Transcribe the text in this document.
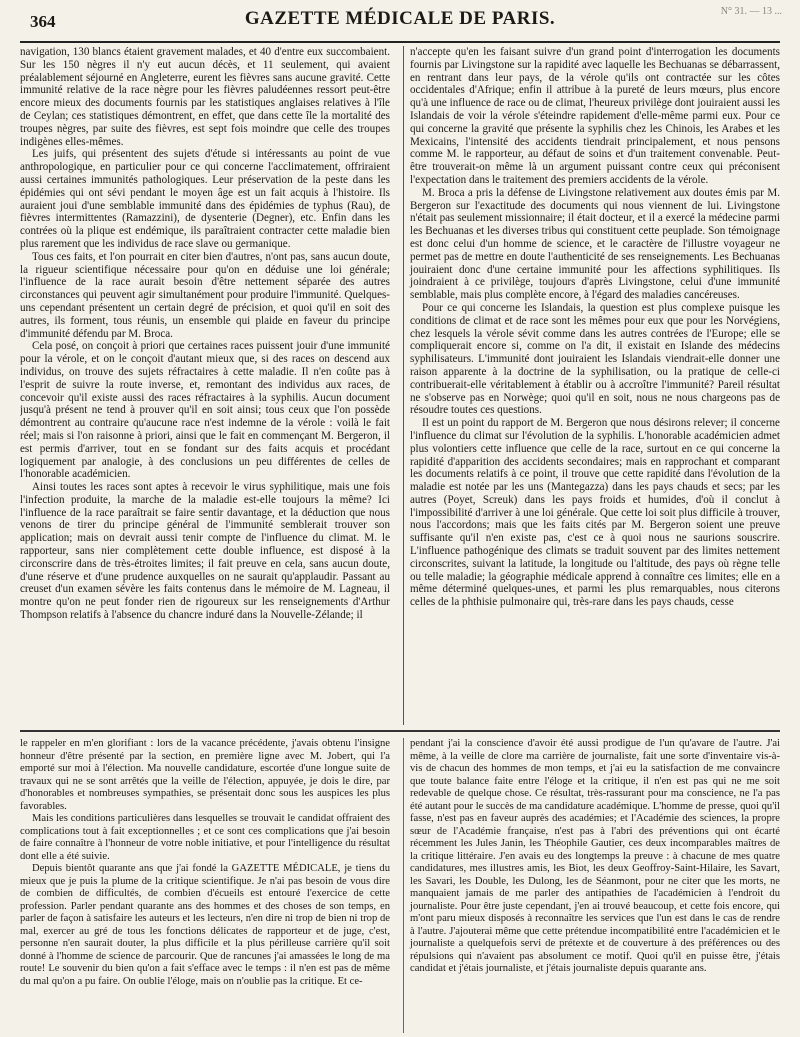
364	GAZETTE MÉDICALE DE PARIS.	N° 31. — 13 ...

navigation, 130 blancs étaient gravement malades, et 40 d'entre eux succombaient. Sur les 150 nègres il n'y eut aucun décès, et 11 seulement, qui avaient préalablement séjourné en Angleterre, eurent les fièvres sans aucune gravité. Cette immunité relative de la race nègre pour les fièvres paludéennes ressort peut-être encore mieux des documents fournis par les statistiques anglaises relatives à l'île de Ceylan; ces statistiques démontrent, en effet, que dans cette île la mortalité des troupes nègres, par suite des fièvres, est sept fois moindre que celle des troupes indigènes elles-mêmes.

Les juifs, qui présentent des sujets d'étude si intéressants au point de vue anthropologique, en particulier pour ce qui concerne l'acclimatement, offriraient aussi certaines immunités pathologiques. Leur préservation de la peste dans les épidémies qui ont sévi pendant le moyen âge est un fait acquis à l'histoire. Ils auraient joui d'une semblable immunité dans des épidémies de typhus (Rau), de fièvres intermittentes (Ramazzini), de dysenterie (Degner), etc. Enfin dans les contrées où la plique est endémique, ils paraîtraient contracter cette maladie bien plus rarement que les individus de race slave ou germanique.

Tous ces faits, et l'on pourrait en citer bien d'autres, n'ont pas, sans aucun doute, la rigueur scientifique nécessaire pour qu'on en déduise une loi générale; l'influence de la race aurait besoin d'être nettement séparée des autres circonstances qui peuvent agir simultanément pour produire l'immunité. Quelques-uns cependant présentent un certain degré de précision, et quoi qu'il en soit des autres, ils forment, tous réunis, un ensemble qui plaide en faveur du principe d'immunité défendu par M. Broca.

Cela posé, on conçoit à priori que certaines races puissent jouir d'une immunité pour la vérole, et on le conçoit d'autant mieux que, si des races on descend aux individus, on trouve des sujets réfractaires à cette maladie. Il n'en coûte pas à l'esprit de suivre la route inverse, et, remontant des individus aux races, de concevoir qu'il existe aussi des races réfractaires à la syphilis. Aucun document jusqu'à présent ne tend à prouver qu'il en soit ainsi; tous ceux que l'on possède démontrent au contraire qu'aucune race n'est indemne de la vérole : voilà le fait réel; mais si l'on raisonne à priori, ainsi que le fait en commençant M. Bergeron, il est permis d'arriver, tout en se fondant sur des faits acquis et procédant logiquement par analogie, à des conclusions un peu différentes de celles de l'honorable académicien.

Ainsi toutes les races sont aptes à recevoir le virus syphilitique, mais une fois l'infection produite, la marche de la maladie est-elle toujours la même? Ici l'influence de la race paraîtrait se faire sentir davantage, et la déduction que nous venons de tirer du principe général de l'immunité semblerait trouver son application; mais on devrait aussi tenir compte de l'influence du climat. M. le rapporteur, sans nier complètement cette double influence, est disposé à la circonscrire dans de très-étroites limites; il fait preuve en cela, sans aucun doute, d'une réserve et d'une prudence auxquelles on ne saurait qu'applaudir. Passant au creuset d'un examen sévère les faits contenus dans le mémoire de M. Lagneau, il montre qu'on ne peut fonder rien de rigoureux sur les renseignements d'Arthur Thompson relatifs à l'absence du chancre induré dans la Nouvelle-Zélande; il

n'accepte qu'en les faisant suivre d'un grand point d'interrogation les documents fournis par Livingstone sur la rapidité avec laquelle les Bechuanas se débarrassent, en rentrant dans leur pays, de la vérole qu'ils ont contractée sur les côtes occidentales d'Afrique; enfin il attribue à la pureté de leurs mœurs, plus encore qu'à une influence de race ou de climat, l'heureux privilège dont jouiraient aussi les Islandais de voir la vérole s'éteindre rapidement d'elle-même parmi eux. Pour ce qui concerne la gravité que présente la syphilis chez les Chinois, les Arabes et les Mexicains, l'intensité des accidents tiendrait principalement, et nous pensons comme M. le rapporteur, au défaut de soins et d'un traitement convenable. Peut-être trouverait-on même là un argument puissant contre ceux qui préconisent l'expectation dans le traitement des premiers accidents de la vérole.

M. Broca a pris la défense de Livingstone relativement aux doutes émis par M. Bergeron sur l'exactitude des documents qui nous viennent de lui. Livingstone n'était pas seulement missionnaire; il était docteur, et il a exercé la médecine parmi les Bechuanas et les diverses tribus qui constituent cette peuplade. Son témoignage est donc celui d'un homme de science, et le caractère de l'illustre voyageur ne permet pas de mettre en doute l'authenticité de ses renseignements. Les Bechuanas jouiraient donc d'une certaine immunité pour les affections syphilitiques. Ils joindraient à ce privilège, toujours d'après Livingstone, celui d'une immunité semblable, mais plus complète encore, à l'égard des maladies cancéreuses.

Pour ce qui concerne les Islandais, la question est plus complexe puisque les conditions de climat et de race sont les mêmes pour eux que pour les Norvégiens, chez lesquels la vérole sévit comme dans les autres contrées de l'Europe; elle se compliquerait encore si, comme on l'a dit, il existait en Islande des médecins syphilisateurs. L'immunité dont jouiraient les Islandais viendrait-elle donner une raison apparente à la doctrine de la syphilisation, ou la pratique de celle-ci contribuerait-elle véritablement à établir ou à accroître l'immunité? Pareil résultat ne s'observe pas en Norwège; quoi qu'il en soit, nous ne nous chargeons pas de résoudre toutes ces questions.

Il est un point du rapport de M. Bergeron que nous désirons relever; il concerne l'influence du climat sur l'évolution de la syphilis. L'honorable académicien admet plus volontiers cette influence que celle de la race, surtout en ce qui concerne la rapidité d'apparition des accidents secondaires; mais en rapprochant et comparant les documents relatifs à ce point, il trouve que cette rapidité dans l'évolution de la maladie est notée par les uns (Mantegazza) dans les pays chauds et secs; par les autres (Poyet, Screuk) dans les pays froids et humides, d'où il conclut à l'impossibilité d'arriver à une loi générale. Que cette loi soit plus difficile à trouver, nous l'accordons; mais que les faits cités par M. Bergeron soient une preuve suffisante qu'il n'en existe pas, c'est ce à quoi nous ne saurions souscrire. L'influence pathogénique des climats se traduit souvent par des limites nettement circonscrites, suivant la latitude, la longitude ou l'altitude, des pays où règne telle ou telle maladie; la géographie médicale apprend à connaître ces limites; elle en a même déterminé quelques-unes, et parmi les plus remarquables, nous citerons celles de la phthisie pulmonaire qui, très-rare dans les pays chauds, cesse

le rappeler en m'en glorifiant : lors de la vacance précédente, j'avais obtenu l'insigne honneur d'être présenté par la section, en première ligne avec M. Jobert, qui l'a emporté sur moi à l'élection. Ma nouvelle candidature, escortée d'une longue suite de travaux qui ne se sont arrêtés que la veille de l'élection, appuyée, je dois le dire, par d'honorables et nombreuses sympathies, se présentait donc sous les auspices les plus favorables.

Mais les conditions particulières dans lesquelles se trouvait le candidat offraient des complications tout à fait exceptionnelles ; et ce sont ces complications que j'ai besoin de faire connaître à l'honneur de votre noble initiative, et pour l'intelligence du résultat dont elle a été suivie.

Depuis bientôt quarante ans que j'ai fondé la GAZETTE MÉDICALE, je tiens du mieux que je puis la plume de la critique scientifique. Je n'ai pas besoin de vous dire de combien de difficultés, de combien d'écueils est entouré l'exercice de cette profession. Parler pendant quarante ans des hommes et des choses de son temps, en parler de façon à satisfaire les auteurs et les lecteurs, n'en dire ni trop de bien ni trop de mal, exercer au gré de tous les fonctions délicates de rapporteur et de juge, c'est, personne n'en saurait douter, la plus difficile et la plus périlleuse carrière qu'il soit donné à l'homme de science de parcourir. Que de rancunes j'ai amassées le long de ma route! Le souvenir du bien qu'on a fait s'efface avec le temps : il n'en est pas de même du mal qu'on a pu faire. On oublie l'éloge, mais on n'oublie pas la critique. Et ce-

pendant j'ai la conscience d'avoir été aussi prodigue de l'un qu'avare de l'autre. J'ai même, à la veille de clore ma carrière de journaliste, fait une sorte d'inventaire vis-à-vis de chacun des hommes de mon temps, et j'ai eu la satisfaction de me convaincre que toute balance faite entre l'éloge et la critique, il n'en est pas qui ne me soit redevable de quelque chose. Ce résultat, très-rassurant pour ma conscience, ne l'a pas été autant pour le succès de ma candidature académique. L'homme de presse, quoi qu'il fasse, n'est pas en faveur auprès des académies; et l'Académie des sciences, la propre sœur de l'Académie française, n'est pas à l'abri des préventions qui ont écarté récemment les Jules Janin, les Théophile Gautier, ces deux incomparables maîtres de la critique littéraire. J'en avais eu des longtemps la preuve : à chacune de mes quatre candidatures, mes illustres amis, les Biot, les deux Geoffroy-Saint-Hilaire, les Savart, les Savari, les Double, les Dulong, les de Séanmont, pour ne citer que les morts, ne manquaient jamais de me parler des antipathies de l'académicien à l'endroit du journaliste. Pour être juste cependant, j'en ai trouvé beaucoup, et cette fois encore, qui m'ont paru mieux disposés à reconnaître les services que l'un est dans le cas de rendre à l'autre. J'ajouterai même que cette prétendue incompatibilité entre l'académicien et le journaliste a quelquefois servi de prétexte et de couverture à des préférences ou des répulsions qui n'avaient pas absolument ce motif. Quoi qu'il en puisse être, j'étais candidat et j'étais journaliste, et j'étais journaliste depuis quarante ans.
